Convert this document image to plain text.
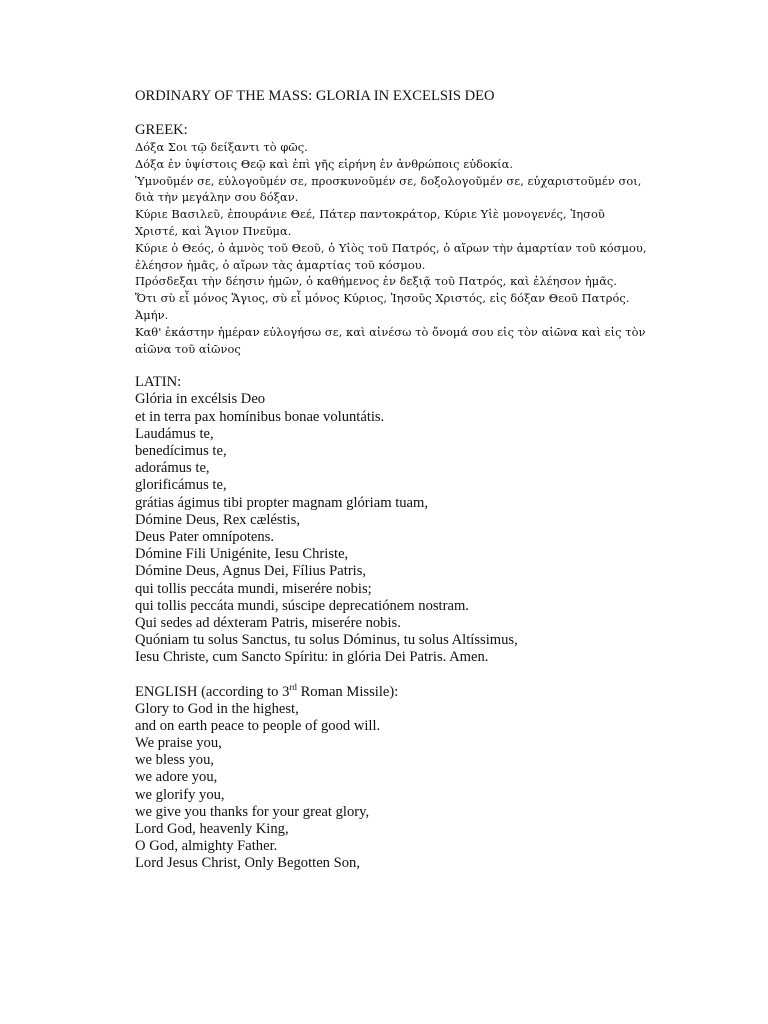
ORDINARY OF THE MASS: GLORIA IN EXCELSIS DEO

GREEK:

Δόξα Σοι τῷ δείξαντι τὸ φῶς.

Δόξα ἐν ὑψίστοις Θεῷ καὶ ἐπὶ γῆς εἰρήνη ἐν ἀνθρώποις εὐδοκία.

Ὑμνοῦμέν σε, εὐλογοῦμέν σε, προσκυνοῦμέν σε, δοξολογοῦμέν σε, εὐχαριστοῦμέν σοι,

διὰ τὴν μεγάλην σου δόξαν.

Κύριε Βασιλεῦ, ἐπουράνιε Θεέ, Πάτερ παντοκράτορ, Κύριε Υἱὲ μονογενές, Ἰησοῦ

Χριστέ, καὶ Ἅγιον Πνεῦμα.

Κύριε ὁ Θεός, ὁ ἀμνὸς τοῦ Θεοῦ, ὁ Υἱὸς τοῦ Πατρός, ὁ αἴρων τὴν ἁμαρτίαν τοῦ κόσμου,

ἐλέησον ἡμᾶς, ὁ αἴρων τὰς ἁμαρτίας τοῦ κόσμου.

Πρόσδεξαι τὴν δέησιν ἡμῶν, ὁ καθήμενος ἐν δεξιᾷ τοῦ Πατρός, καὶ ἐλέησον ἡμᾶς.

Ὅτι σὺ εἶ μόνος Ἅγιος, σὺ εἶ μόνος Κύριος, Ἰησοῦς Χριστός, εἰς δόξαν Θεοῦ Πατρός.

Ἀμήν.

Καθ' ἑκάστην ἡμέραν εὐλογήσω σε, καὶ αἰνέσω τὸ ὄνομά σου εἰς τὸν αἰῶνα καὶ εἰς τὸν

αἰῶνα τοῦ αἰῶνος

LATIN:

Glória in excélsis Deo

et in terra pax homínibus bonae voluntátis.

Laudámus te,

benedícimus te,

adorámus te,

glorificámus te,

grátias ágimus tibi propter magnam glóriam tuam,

Dómine Deus, Rex cæléstis,

Deus Pater omnípotens.

Dómine Fili Unigénite, Iesu Christe,

Dómine Deus, Agnus Dei, Fílius Patris,

qui tollis peccáta mundi, miserére nobis;

qui tollis peccáta mundi, súscipe deprecatiónem nostram.

Qui sedes ad déxteram Patris, miserére nobis.

Quóniam tu solus Sanctus, tu solus Dóminus, tu solus Altíssimus,

Iesu Christe, cum Sancto Spíritu: in glória Dei Patris. Amen.

ENGLISH (according to 3rd Roman Missile):

Glory to God in the highest,

and on earth peace to people of good will.

We praise you,

we bless you,

we adore you,

we glorify you,

we give you thanks for your great glory,

Lord God, heavenly King,

O God, almighty Father.

Lord Jesus Christ, Only Begotten Son,
